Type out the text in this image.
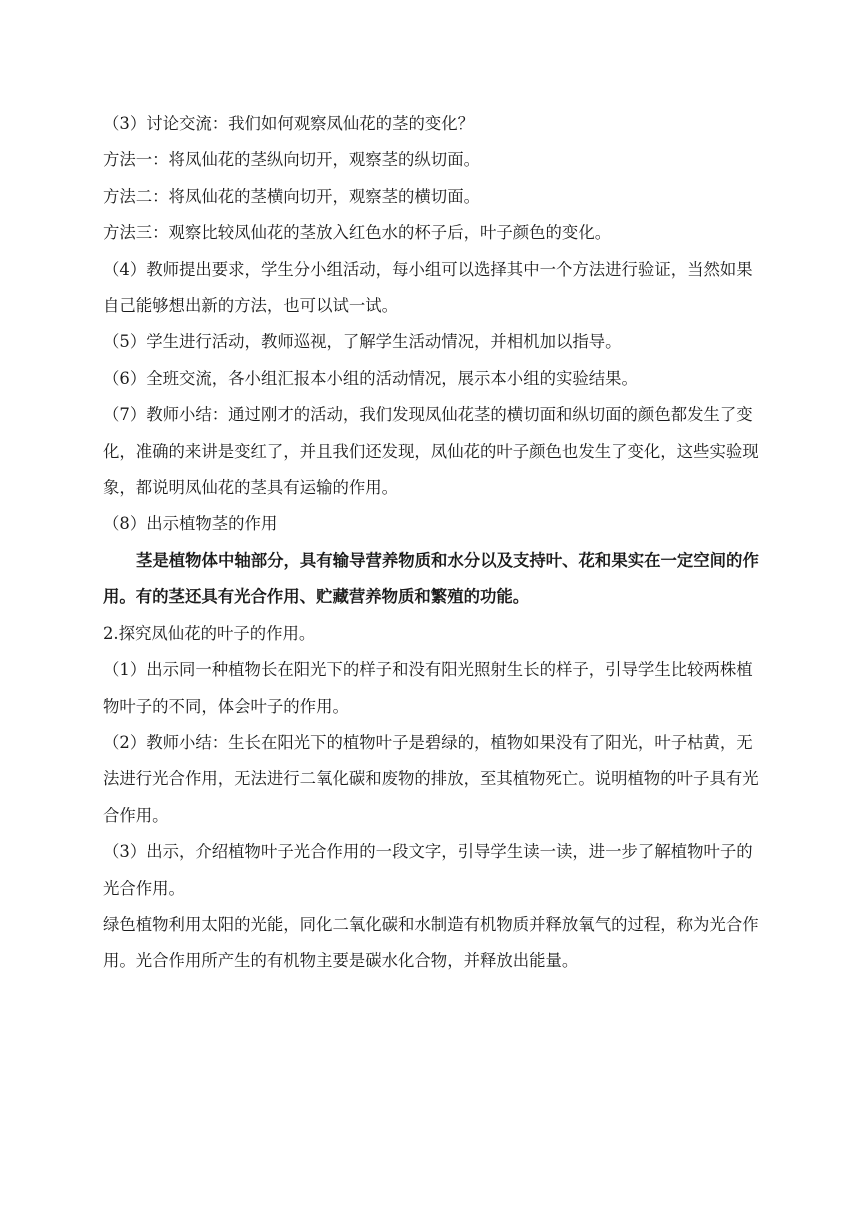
（3）讨论交流：我们如何观察凤仙花的茎的变化？

方法一：将凤仙花的茎纵向切开，观察茎的纵切面。

方法二：将凤仙花的茎横向切开，观察茎的横切面。

方法三：观察比较凤仙花的茎放入红色水的杯子后，叶子颜色的变化。

（4）教师提出要求，学生分小组活动，每小组可以选择其中一个方法进行验证，当然如果自己能够想出新的方法，也可以试一试。

（5）学生进行活动，教师巡视，了解学生活动情况，并相机加以指导。

（6）全班交流，各小组汇报本小组的活动情况，展示本小组的实验结果。

（7）教师小结：通过刚才的活动，我们发现凤仙花茎的横切面和纵切面的颜色都发生了变化，准确的来讲是变红了，并且我们还发现，凤仙花的叶子颜色也发生了变化，这些实验现象，都说明凤仙花的茎具有运输的作用。

（8）出示植物茎的作用

茎是植物体中轴部分，具有输导营养物质和水分以及支持叶、花和果实在一定空间的作用。有的茎还具有光合作用、贮藏营养物质和繁殖的功能。

2.探究凤仙花的叶子的作用。

（1）出示同一种植物长在阳光下的样子和没有阳光照射生长的样子，引导学生比较两株植物叶子的不同，体会叶子的作用。

（2）教师小结：生长在阳光下的植物叶子是碧绿的，植物如果没有了阳光，叶子枯黄，无法进行光合作用，无法进行二氧化碳和废物的排放，至其植物死亡。说明植物的叶子具有光合作用。

（3）出示，介绍植物叶子光合作用的一段文字，引导学生读一读，进一步了解植物叶子的光合作用。

绿色植物利用太阳的光能，同化二氧化碳和水制造有机物质并释放氧气的过程，称为光合作用。光合作用所产生的有机物主要是碳水化合物，并释放出能量。
